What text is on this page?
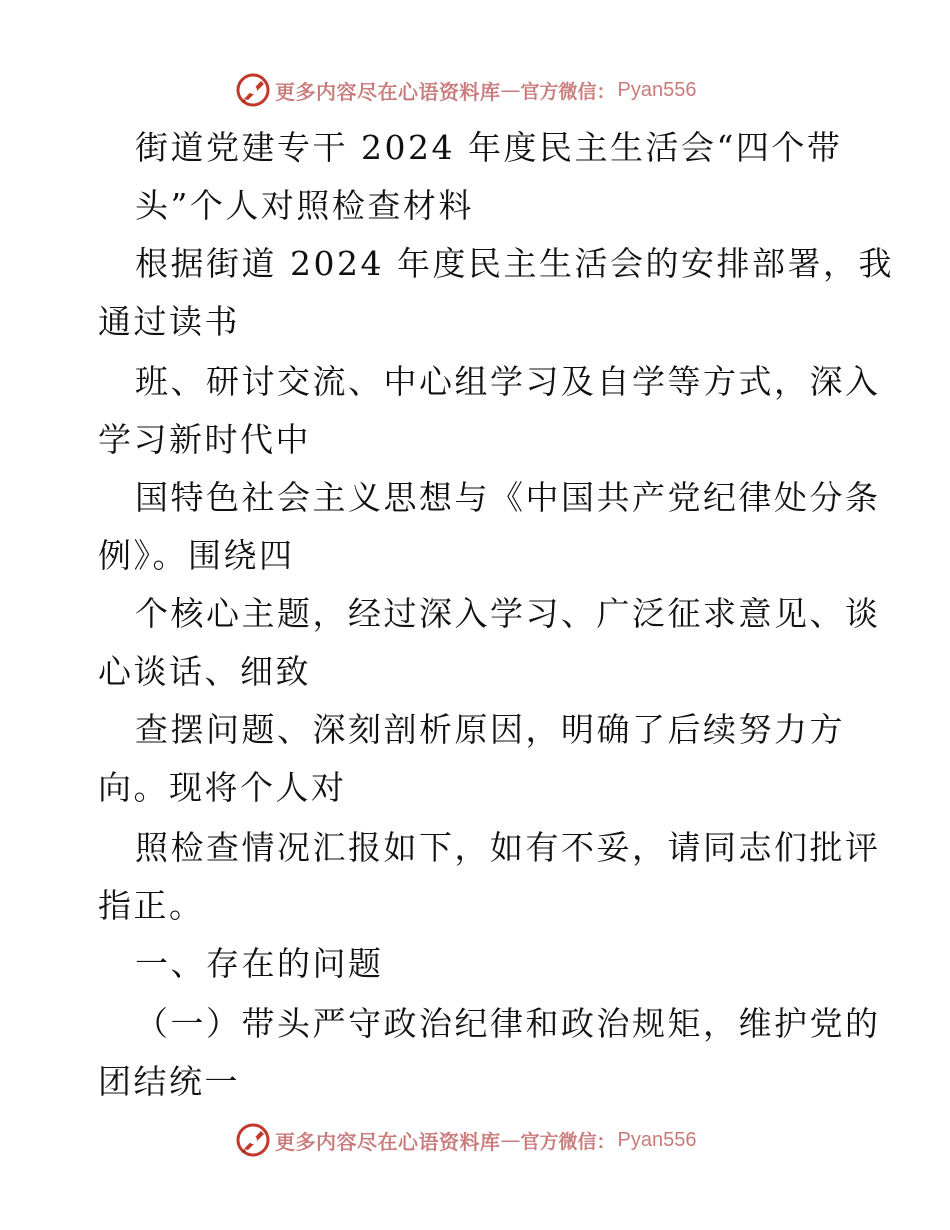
更多内容尽在心语资料库 — 官方微信： Pyan556
街道党建专干 2024 年度民主生活会“四个带
头”个人对照检查材料
根据街道 2024 年度民主生活会的安排部署，我
通过读书
班、研讨交流、中心组学习及自学等方式，深入
学习新时代中
国特色社会主义思想与《中国共产党纪律处分条
例》。围绕四
个核心主题，经过深入学习、广泛征求意见、谈
心谈话、细致
查摆问题、深刻剖析原因，明确了后续努力方
向。现将个人对
照检查情况汇报如下，如有不妥，请同志们批评
指正。
一、存在的问题
（一）带头严守政治纪律和政治规矩，维护党的
团结统一
更多内容尽在心语资料库 — 官方微信： Pyan556
